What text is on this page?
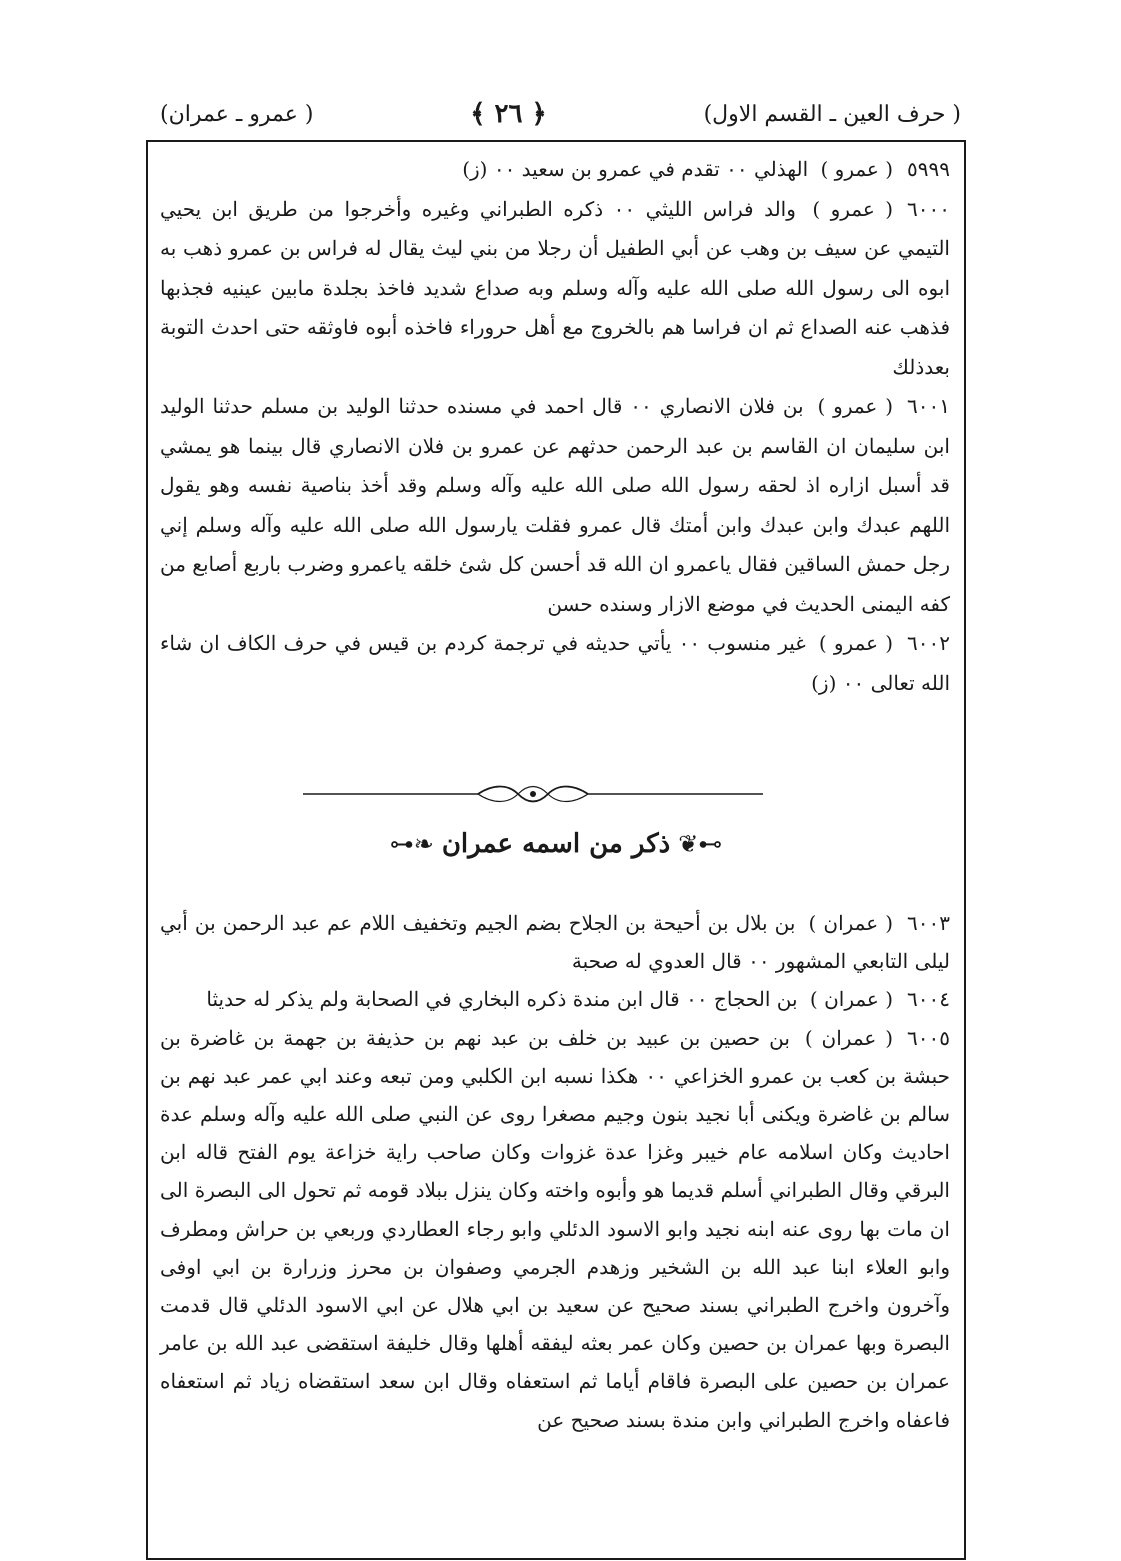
( حرف العين ـ القسم الاول)
﴿ ٢٦ ﴾
( عمرو ـ عمران)

٥٩٩٩( عمرو ) الهذلي ٠٠ تقدم في عمرو بن سعيد ٠٠ (ز)

٦٠٠٠( عمرو ) والد فراس الليثي ٠٠ ذكره الطبراني وغيره وأخرجوا من طريق ابن يحيي التيمي عن سيف بن وهب عن أبي الطفيل أن رجلا من بني ليث يقال له فراس بن عمرو ذهب به ابوه الى رسول الله صلى الله عليه وآله وسلم وبه صداع شديد فاخذ بجلدة مابين عينيه فجذبها فذهب عنه الصداع ثم ان فراسا هم بالخروج مع أهل حروراء فاخذه أبوه فاوثقه حتى احدث التوبة بعدذلك

٦٠٠١( عمرو ) بن فلان الانصاري ٠٠ قال احمد في مسنده حدثنا الوليد بن مسلم حدثنا الوليد ابن سليمان ان القاسم بن عبد الرحمن حدثهم عن عمرو بن فلان الانصاري قال بينما هو يمشي قد أسبل ازاره اذ لحقه رسول الله صلى الله عليه وآله وسلم وقد أخذ بناصية نفسه وهو يقول اللهم عبدك وابن عبدك وابن أمتك قال عمرو فقلت يارسول الله صلى الله عليه وآله وسلم إني رجل حمش الساقين فقال ياعمرو ان الله قد أحسن كل شئ خلقه ياعمرو وضرب باربع أصابع من كفه اليمنى الحديث في موضع الازار وسنده حسن

٦٠٠٢( عمرو ) غير منسوب ٠٠ يأتي حديثه في ترجمة كردم بن قيس في حرف الكاف ان شاء الله تعالى ٠٠ (ز)

⊶❦ذكر من اسمه عمران❧⊷

٦٠٠٣( عمران ) بن بلال بن أحيحة بن الجلاح بضم الجيم وتخفيف اللام عم عبد الرحمن بن أبي ليلى التابعي المشهور ٠٠ قال العدوي له صحبة

٦٠٠٤( عمران ) بن الحجاج ٠٠ قال ابن مندة ذكره البخاري في الصحابة ولم يذكر له حديثا

٦٠٠٥( عمران ) بن حصين بن عبيد بن خلف بن عبد نهم بن حذيفة بن جهمة بن غاضرة بن حبشة بن كعب بن عمرو الخزاعي ٠٠ هكذا نسبه ابن الكلبي ومن تبعه وعند ابي عمر عبد نهم بن سالم بن غاضرة ويكنى أبا نجيد بنون وجيم مصغرا روى عن النبي صلى الله عليه وآله وسلم عدة احاديث وكان اسلامه عام خيبر وغزا عدة غزوات وكان صاحب راية خزاعة يوم الفتح قاله ابن البرقي وقال الطبراني أسلم قديما هو وأبوه واخته وكان ينزل ببلاد قومه ثم تحول الى البصرة الى ان مات بها روى عنه ابنه نجيد وابو الاسود الدئلي وابو رجاء العطاردي وربعي بن حراش ومطرف وابو العلاء ابنا عبد الله بن الشخير وزهدم الجرمي وصفوان بن محرز وزرارة بن ابي اوفى وآخرون واخرج الطبراني بسند صحيح عن سعيد بن ابي هلال عن ابي الاسود الدئلي قال قدمت البصرة وبها عمران بن حصين وكان عمر بعثه ليفقه أهلها وقال خليفة استقضى عبد الله بن عامر عمران بن حصين على البصرة فاقام أياما ثم استعفاه وقال ابن سعد استقضاه زياد ثم استعفاه فاعفاه واخرج الطبراني وابن مندة بسند صحيح عن
